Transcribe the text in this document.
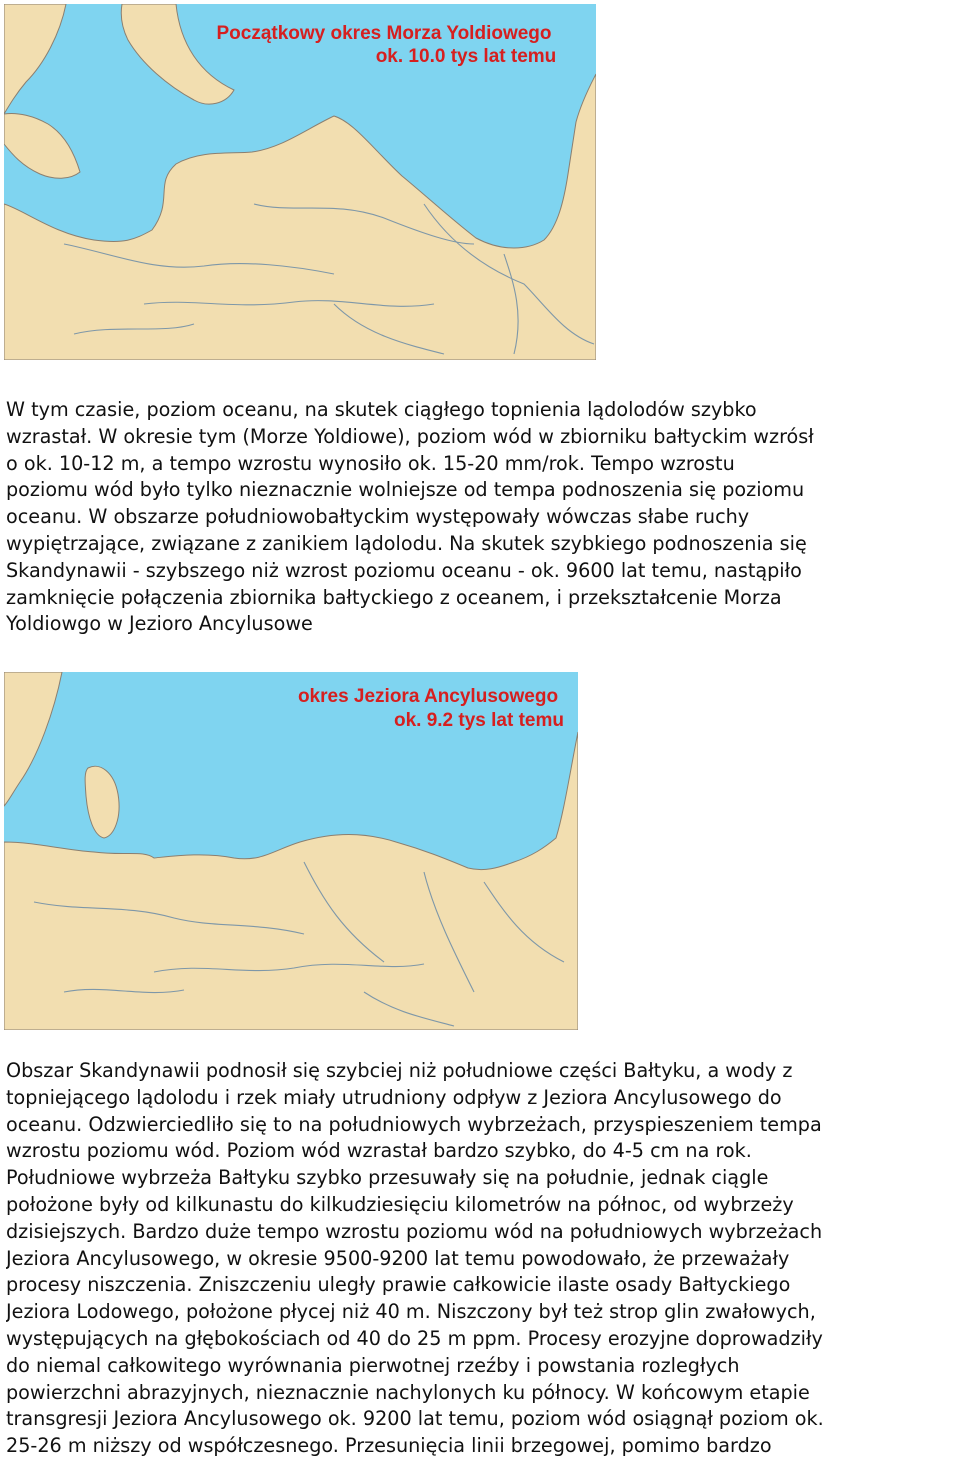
Początkowy okres Morza Yoldiowego
ok. 10.0 tys lat temu
W tym czasie, poziom oceanu, na skutek ciągłego topnienia lądolodów szybko
wzrastał. W okresie tym (Morze Yoldiowe), poziom wód w zbiorniku bałtyckim wzrósł
o ok. 10-12 m, a tempo wzrostu wynosiło ok. 15-20 mm/rok. Tempo wzrostu
poziomu wód było tylko nieznacznie wolniejsze od tempa podnoszenia się poziomu
oceanu. W obszarze południowobałtyckim występowały wówczas słabe ruchy
wypiętrzające, związane z zanikiem lądolodu. Na skutek szybkiego podnoszenia się
Skandynawii - szybszego niż wzrost poziomu oceanu - ok. 9600 lat temu, nastąpiło
zamknięcie połączenia zbiornika bałtyckiego z oceanem, i przekształcenie Morza
Yoldiowgo w Jezioro Ancylusowe
okres Jeziora Ancylusowego
ok. 9.2 tys lat temu
Obszar Skandynawii podnosił się szybciej niż południowe części Bałtyku, a wody z
topniejącego lądolodu i rzek miały utrudniony odpływ z Jeziora Ancylusowego do
oceanu. Odzwierciedliło się to na południowych wybrzeżach, przyspieszeniem tempa
wzrostu poziomu wód. Poziom wód wzrastał bardzo szybko, do 4-5 cm na rok.
Południowe wybrzeża Bałtyku szybko przesuwały się na południe, jednak ciągle
położone były od kilkunastu do kilkudziesięciu kilometrów na północ, od wybrzeży
dzisiejszych. Bardzo duże tempo wzrostu poziomu wód na południowych wybrzeżach
Jeziora Ancylusowego, w okresie 9500-9200 lat temu powodowało, że przeważały
procesy niszczenia. Zniszczeniu uległy prawie całkowicie ilaste osady Bałtyckiego
Jeziora Lodowego, położone płycej niż 40 m. Niszczony był też strop glin zwałowych,
występujących na głębokościach od 40 do 25 m ppm. Procesy erozyjne doprowadziły
do niemal całkowitego wyrównania pierwotnej rzeźby i powstania rozległych
powierzchni abrazyjnych, nieznacznie nachylonych ku północy. W końcowym etapie
transgresji Jeziora Ancylusowego ok. 9200 lat temu, poziom wód osiągnął poziom ok.
25-26 m niższy od współczesnego. Przesunięcia linii brzegowej, pomimo bardzo
